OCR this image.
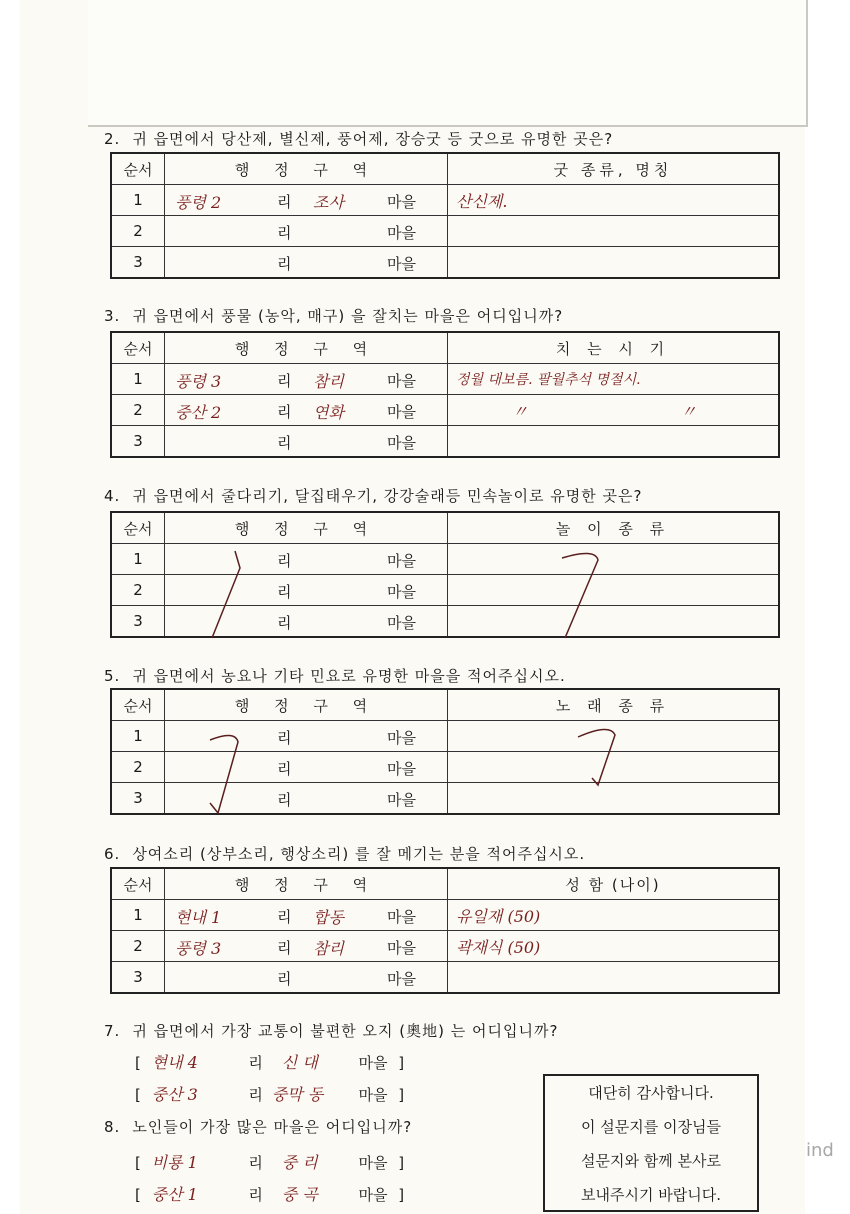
ind
2. 귀 읍면에서 당산제, 별신제, 풍어제, 장승굿 등 굿으로 유명한 곳은?
순서	행 정 구 역	굿 종류, 명칭
1	풍령 2 리 조사 마을	산신제.
2	리 마을	

3	리 마을	

3. 귀 읍면에서 풍물 (농악, 매구) 을 잘치는 마을은 어디입니까?
순서	행 정 구 역	치 는 시 기
1	풍령 3 리 참리 마을	정월 대보름. 팔월추석 명절시.
2	중산 2 리 연화 마을	〃                              〃
3	리 마을	

4. 귀 읍면에서 줄다리기, 달집태우기, 강강술래등 민속놀이로 유명한 곳은?
순서	행 정 구 역	놀 이 종 류
1	리 마을	

2	리 마을	

3	리 마을	

5. 귀 읍면에서 농요나 기타 민요로 유명한 마을을 적어주십시오.
순서	행 정 구 역	노 래 종 류
1	리 마을	

2	리 마을	

3	리 마을	

6. 상여소리 (상부소리, 행상소리) 를 잘 메기는 분을 적어주십시오.
순서	행 정 구 역	성 함 (나이)
1	현내 1 리 합동 마을	유일재 (50)
2	풍령 3 리 참리 마을	곽재식 (50)
3	리 마을	

7. 귀 읍면에서 가장 교통이 불편한 오지 (奧地) 는 어디입니까?
[ 현내 4	리 신 대	마을 ]
[ 중산 3	리 중막 동 마을 ]
8. 노인들이 가장 많은 마을은 어디입니까?
[ 비룡 1	리 중 리	마을 ]
[ 중산 1	리 중 곡	마을 ]
대단히 감사합니다.
이 설문지를 이장님들
설문지와 함께 본사로
보내주시기 바랍니다.
